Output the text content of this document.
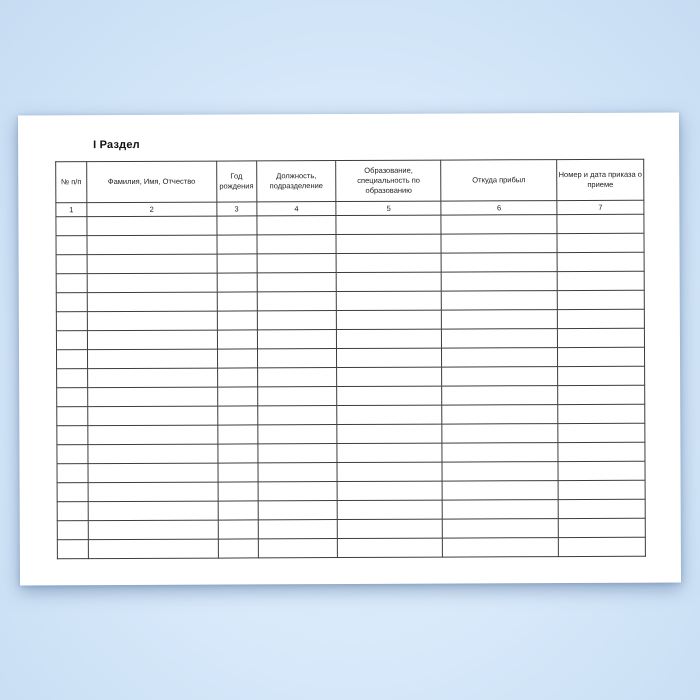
I Раздел
№ п/п	Фамилия, Имя, Отчество	Год рождения	Должность, подразделение	Образование, специальность по образованию	Откуда прибыл	Номер и дата приказа о приеме
1	2	3	4	5	6	7
